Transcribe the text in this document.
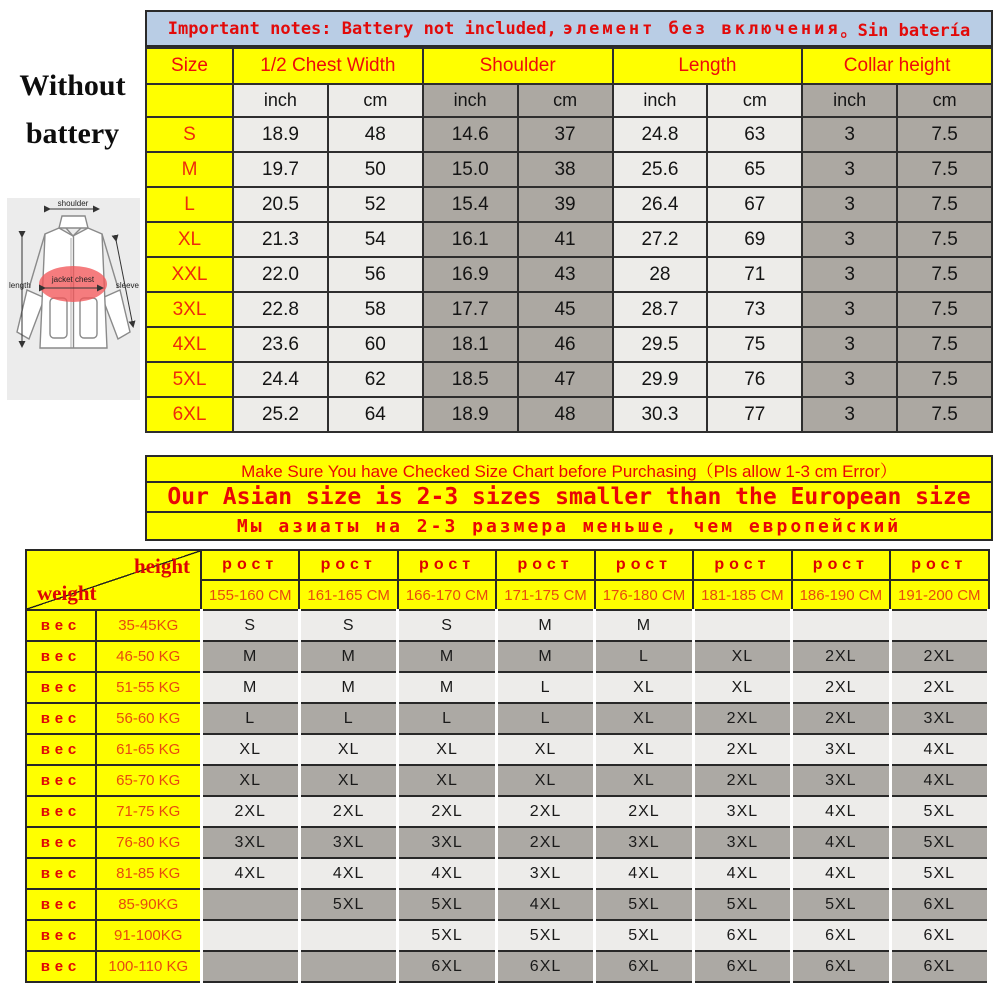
Without
battery
shoulder
length	sleeve
jacket chest
Important notes: Battery not included, элемент без включения 。Sin batería
Size	1/2 Chest Width		Shoulder		Length		Collar height	
	inch	cm	inch	cm	inch	cm	inch	cm
S	18.9	48	14.6	37	24.8	63	3	7.5
M	19.7	50	15.0	38	25.6	65	3	7.5
L	20.5	52	15.4	39	26.4	67	3	7.5
XL	21.3	54	16.1	41	27.2	69	3	7.5
XXL	22.0	56	16.9	43	28	71	3	7.5
3XL	22.8	58	17.7	45	28.7	73	3	7.5
4XL	23.6	60	18.1	46	29.5	75	3	7.5
5XL	24.4	62	18.5	47	29.9	76	3	7.5
6XL	25.2	64	18.9	48	30.3	77	3	7.5
Make Sure You have Checked Size Chart before Purchasing（Pls allow 1-3 cm Error）
Our Asian size is 2-3 sizes smaller than the European size
Мы азиаты на 2-3 размера меньше, чем европейский
height
weight		рост	рост	рост	рост	рост	рост	рост	рост
		155-160 CM	161-165 CM	166-170 CM	171-175 CM	176-180 CM	181-185 CM	186-190 CM	191-200 CM
вес	35-45KG	S	S	S	M	M			
вес	46-50 KG	M	M	M	M	L	XL	2XL	2XL
вес	51-55 KG	M	M	M	L	XL	XL	2XL	2XL
вес	56-60 KG	L	L	L	L	XL	2XL	2XL	3XL
вес	61-65 KG	XL	XL	XL	XL	XL	2XL	3XL	4XL
вес	65-70 KG	XL	XL	XL	XL	XL	2XL	3XL	4XL
вес	71-75 KG	2XL	2XL	2XL	2XL	2XL	3XL	4XL	5XL
вес	76-80 KG	3XL	3XL	3XL	2XL	3XL	3XL	4XL	5XL
вес	81-85 KG	4XL	4XL	4XL	3XL	4XL	4XL	4XL	5XL
вес	85-90KG		5XL	5XL	4XL	5XL	5XL	5XL	6XL
вес	91-100KG			5XL	5XL	5XL	6XL	6XL	6XL
вес	100-110 KG			6XL	6XL	6XL	6XL	6XL	6XL
